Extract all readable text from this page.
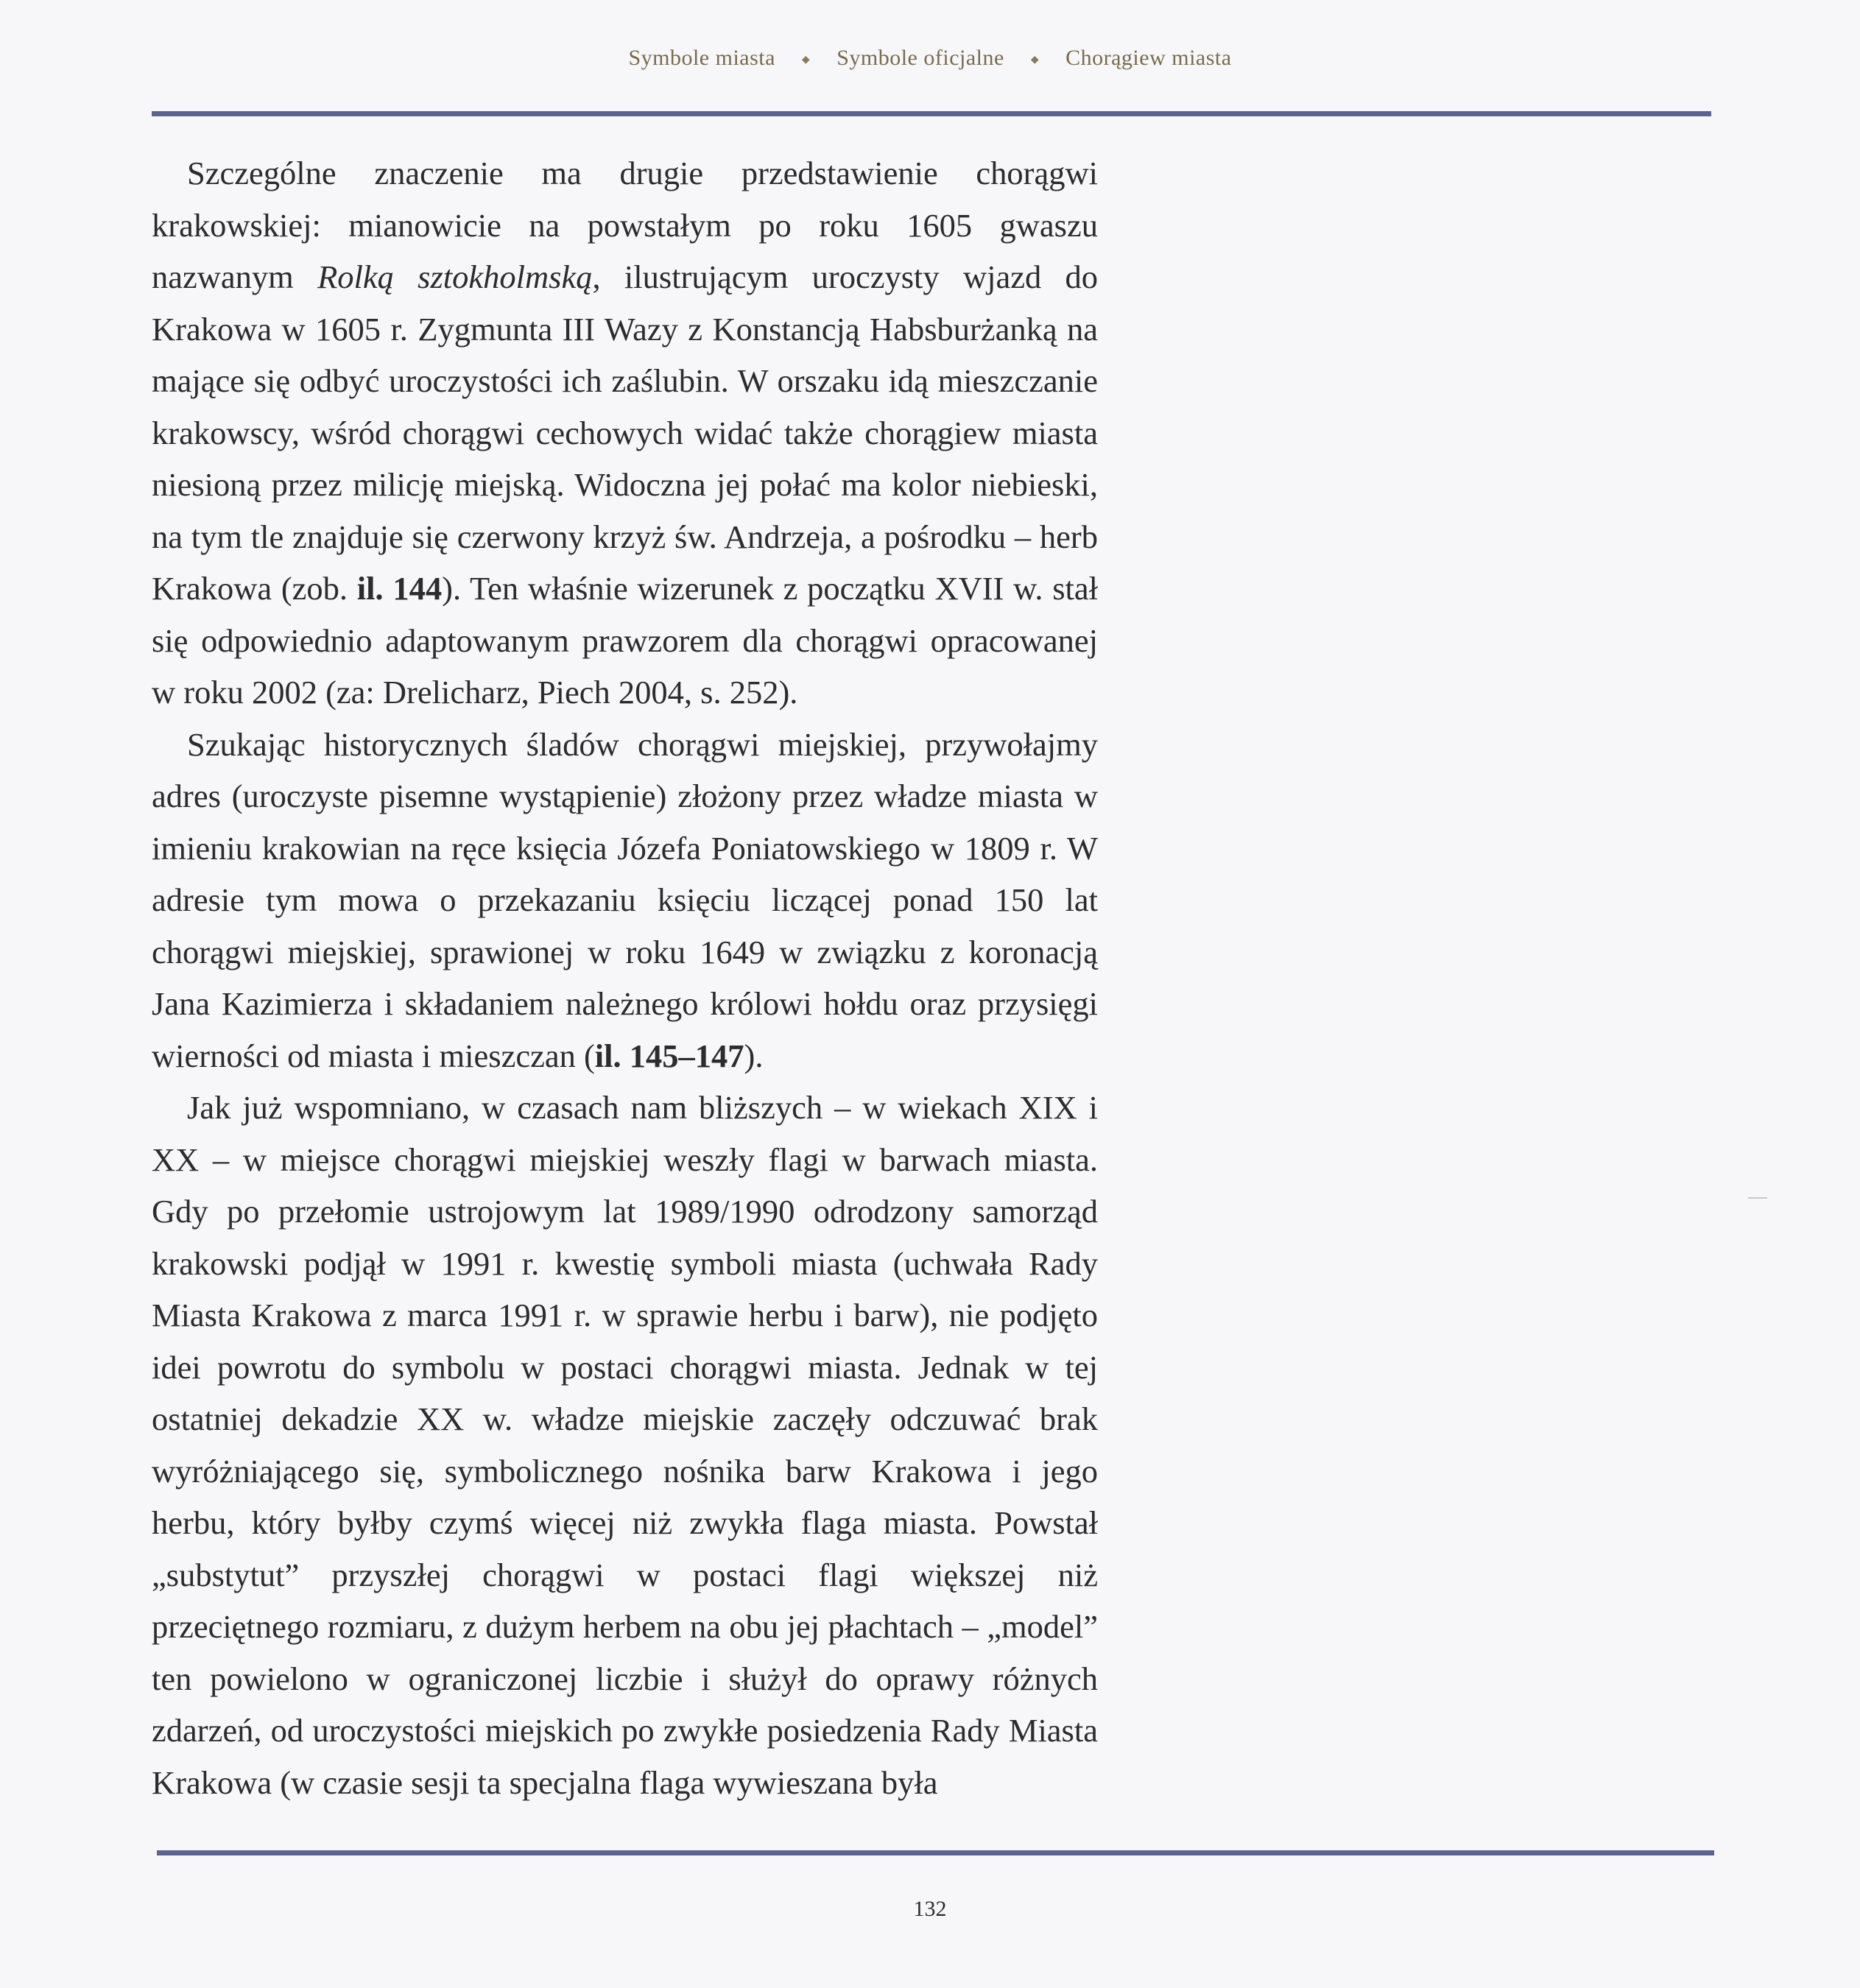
Symbole miasta	◆ Symbole oficjalne	◆ Chorągiew miasta

Szczególne znaczenie ma drugie przedstawienie chorągwi krakowskiej: mianowicie na powstałym po roku 1605 gwaszu nazwanym Rolką sztokholmską, ilustrującym uroczysty wjazd do Krakowa w 1605 r. Zygmunta III Wazy z Konstancją Habsburżanką na mające się odbyć uroczystości ich zaślubin. W orszaku idą mieszczanie krakowscy, wśród chorągwi cechowych widać także chorągiew miasta niesioną przez milicję miejską. Widoczna jej połać ma kolor niebieski, na tym tle znajduje się czerwony krzyż św. Andrzeja, a pośrodku – herb Krakowa (zob. il. 144). Ten właśnie wizerunek z początku XVII w. stał się odpowiednio adaptowanym prawzorem dla chorągwi opracowanej w roku 2002 (za: Drelicharz, Piech 2004, s. 252).

Szukając historycznych śladów chorągwi miejskiej, przywołajmy adres (uroczyste pisemne wystąpienie) złożony przez władze miasta w imieniu krakowian na ręce księcia Józefa Poniatowskiego w 1809 r. W adresie tym mowa o przekazaniu księciu liczącej ponad 150 lat chorągwi miejskiej, sprawionej w roku 1649 w związku z koronacją Jana Kazimierza i składaniem należnego królowi hołdu oraz przysięgi wierności od miasta i mieszczan (il. 145–147).

Jak już wspomniano, w czasach nam bliższych – w wiekach XIX i XX – w miejsce chorągwi miejskiej weszły flagi w barwach miasta. Gdy po przełomie ustrojowym lat 1989/1990 odrodzony samorząd krakowski podjął w 1991 r. kwestię symboli miasta (uchwała Rady Miasta Krakowa z marca 1991 r. w sprawie herbu i barw), nie podjęto idei powrotu do symbolu w postaci chorągwi miasta. Jednak w tej ostatniej dekadzie XX w. władze miejskie zaczęły odczuwać brak wyróżniającego się, symbolicznego nośnika barw Krakowa i jego herbu, który byłby czymś więcej niż zwykła flaga miasta. Powstał „substytut” przyszłej chorągwi w postaci flagi większej niż przeciętnego rozmiaru, z dużym herbem na obu jej płachtach – „model” ten powielono w ograniczonej liczbie i służył do oprawy różnych zdarzeń, od uroczystości miejskich po zwykłe posiedzenia Rady Miasta Krakowa (w czasie sesji ta specjalna flaga wywieszana była

132
